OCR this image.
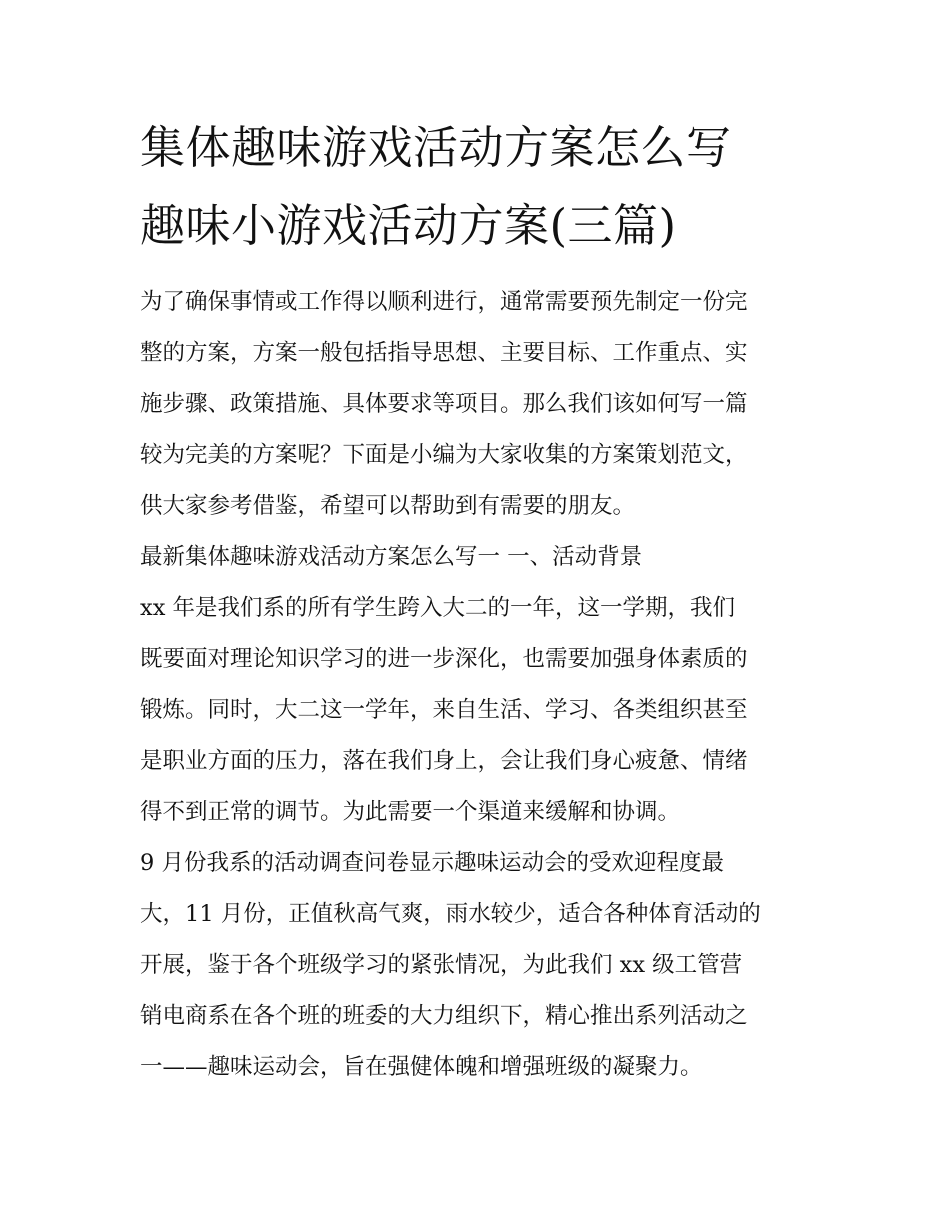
集体趣味游戏活动方案怎么写
趣味小游戏活动方案(三篇)
为了确保事情或工作得以顺利进行，通常需要预先制定一份完
整的方案，方案一般包括指导思想、主要目标、工作重点、实
施步骤、政策措施、具体要求等项目。那么我们该如何写一篇
较为完美的方案呢？下面是小编为大家收集的方案策划范文，
供大家参考借鉴，希望可以帮助到有需要的朋友。
最新集体趣味游戏活动方案怎么写一 一、活动背景
xx 年是我们系的所有学生跨入大二的一年，这一学期，我们
既要面对理论知识学习的进一步深化，也需要加强身体素质的
锻炼。同时，大二这一学年，来自生活、学习、各类组织甚至
是职业方面的压力，落在我们身上，会让我们身心疲惫、情绪
得不到正常的调节。为此需要一个渠道来缓解和协调。
9 月份我系的活动调查问卷显示趣味运动会的受欢迎程度最
大，11 月份，正值秋高气爽，雨水较少，适合各种体育活动的
开展，鉴于各个班级学习的紧张情况，为此我们 xx 级工管营
销电商系在各个班的班委的大力组织下，精心推出系列活动之
一——趣味运动会，旨在强健体魄和增强班级的凝聚力。
